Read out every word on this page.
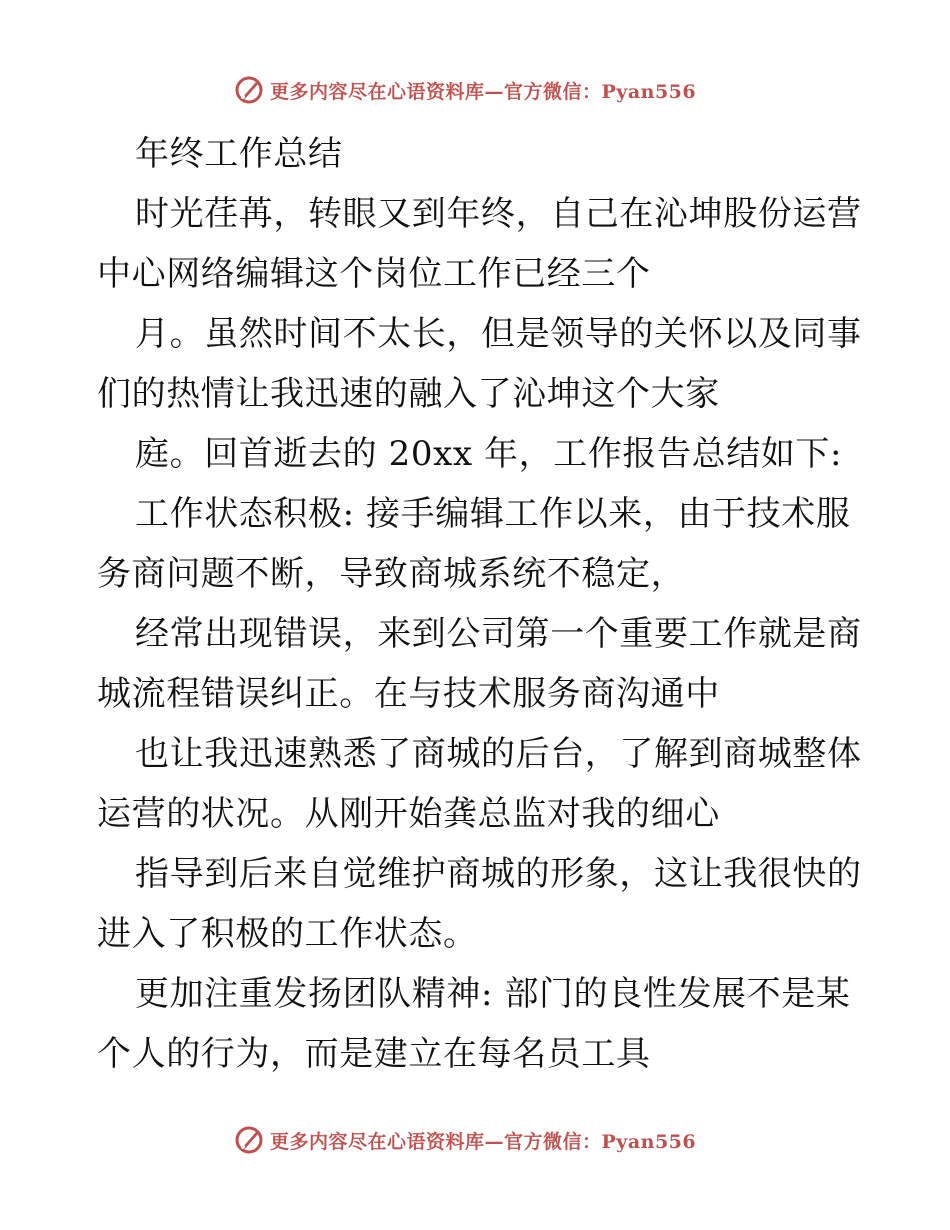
更多内容尽在心语资料库—官方微信：Pyan556
年终工作总结
时光荏苒，转眼又到年终，自己在沁坤股份运营
中心网络编辑这个岗位工作已经三个
月。虽然时间不太长，但是领导的关怀以及同事
们的热情让我迅速的融入了沁坤这个大家
庭。回首逝去的 20xx 年，工作报告总结如下:
工作状态积极: 接手编辑工作以来，由于技术服
务商问题不断，导致商城系统不稳定，
经常出现错误，来到公司第一个重要工作就是商
城流程错误纠正。在与技术服务商沟通中
也让我迅速熟悉了商城的后台，了解到商城整体
运营的状况。从刚开始龚总监对我的细心
指导到后来自觉维护商城的形象，这让我很快的
进入了积极的工作状态。
更加注重发扬团队精神: 部门的良性发展不是某
个人的行为，而是建立在每名员工具
更多内容尽在心语资料库—官方微信：Pyan556
